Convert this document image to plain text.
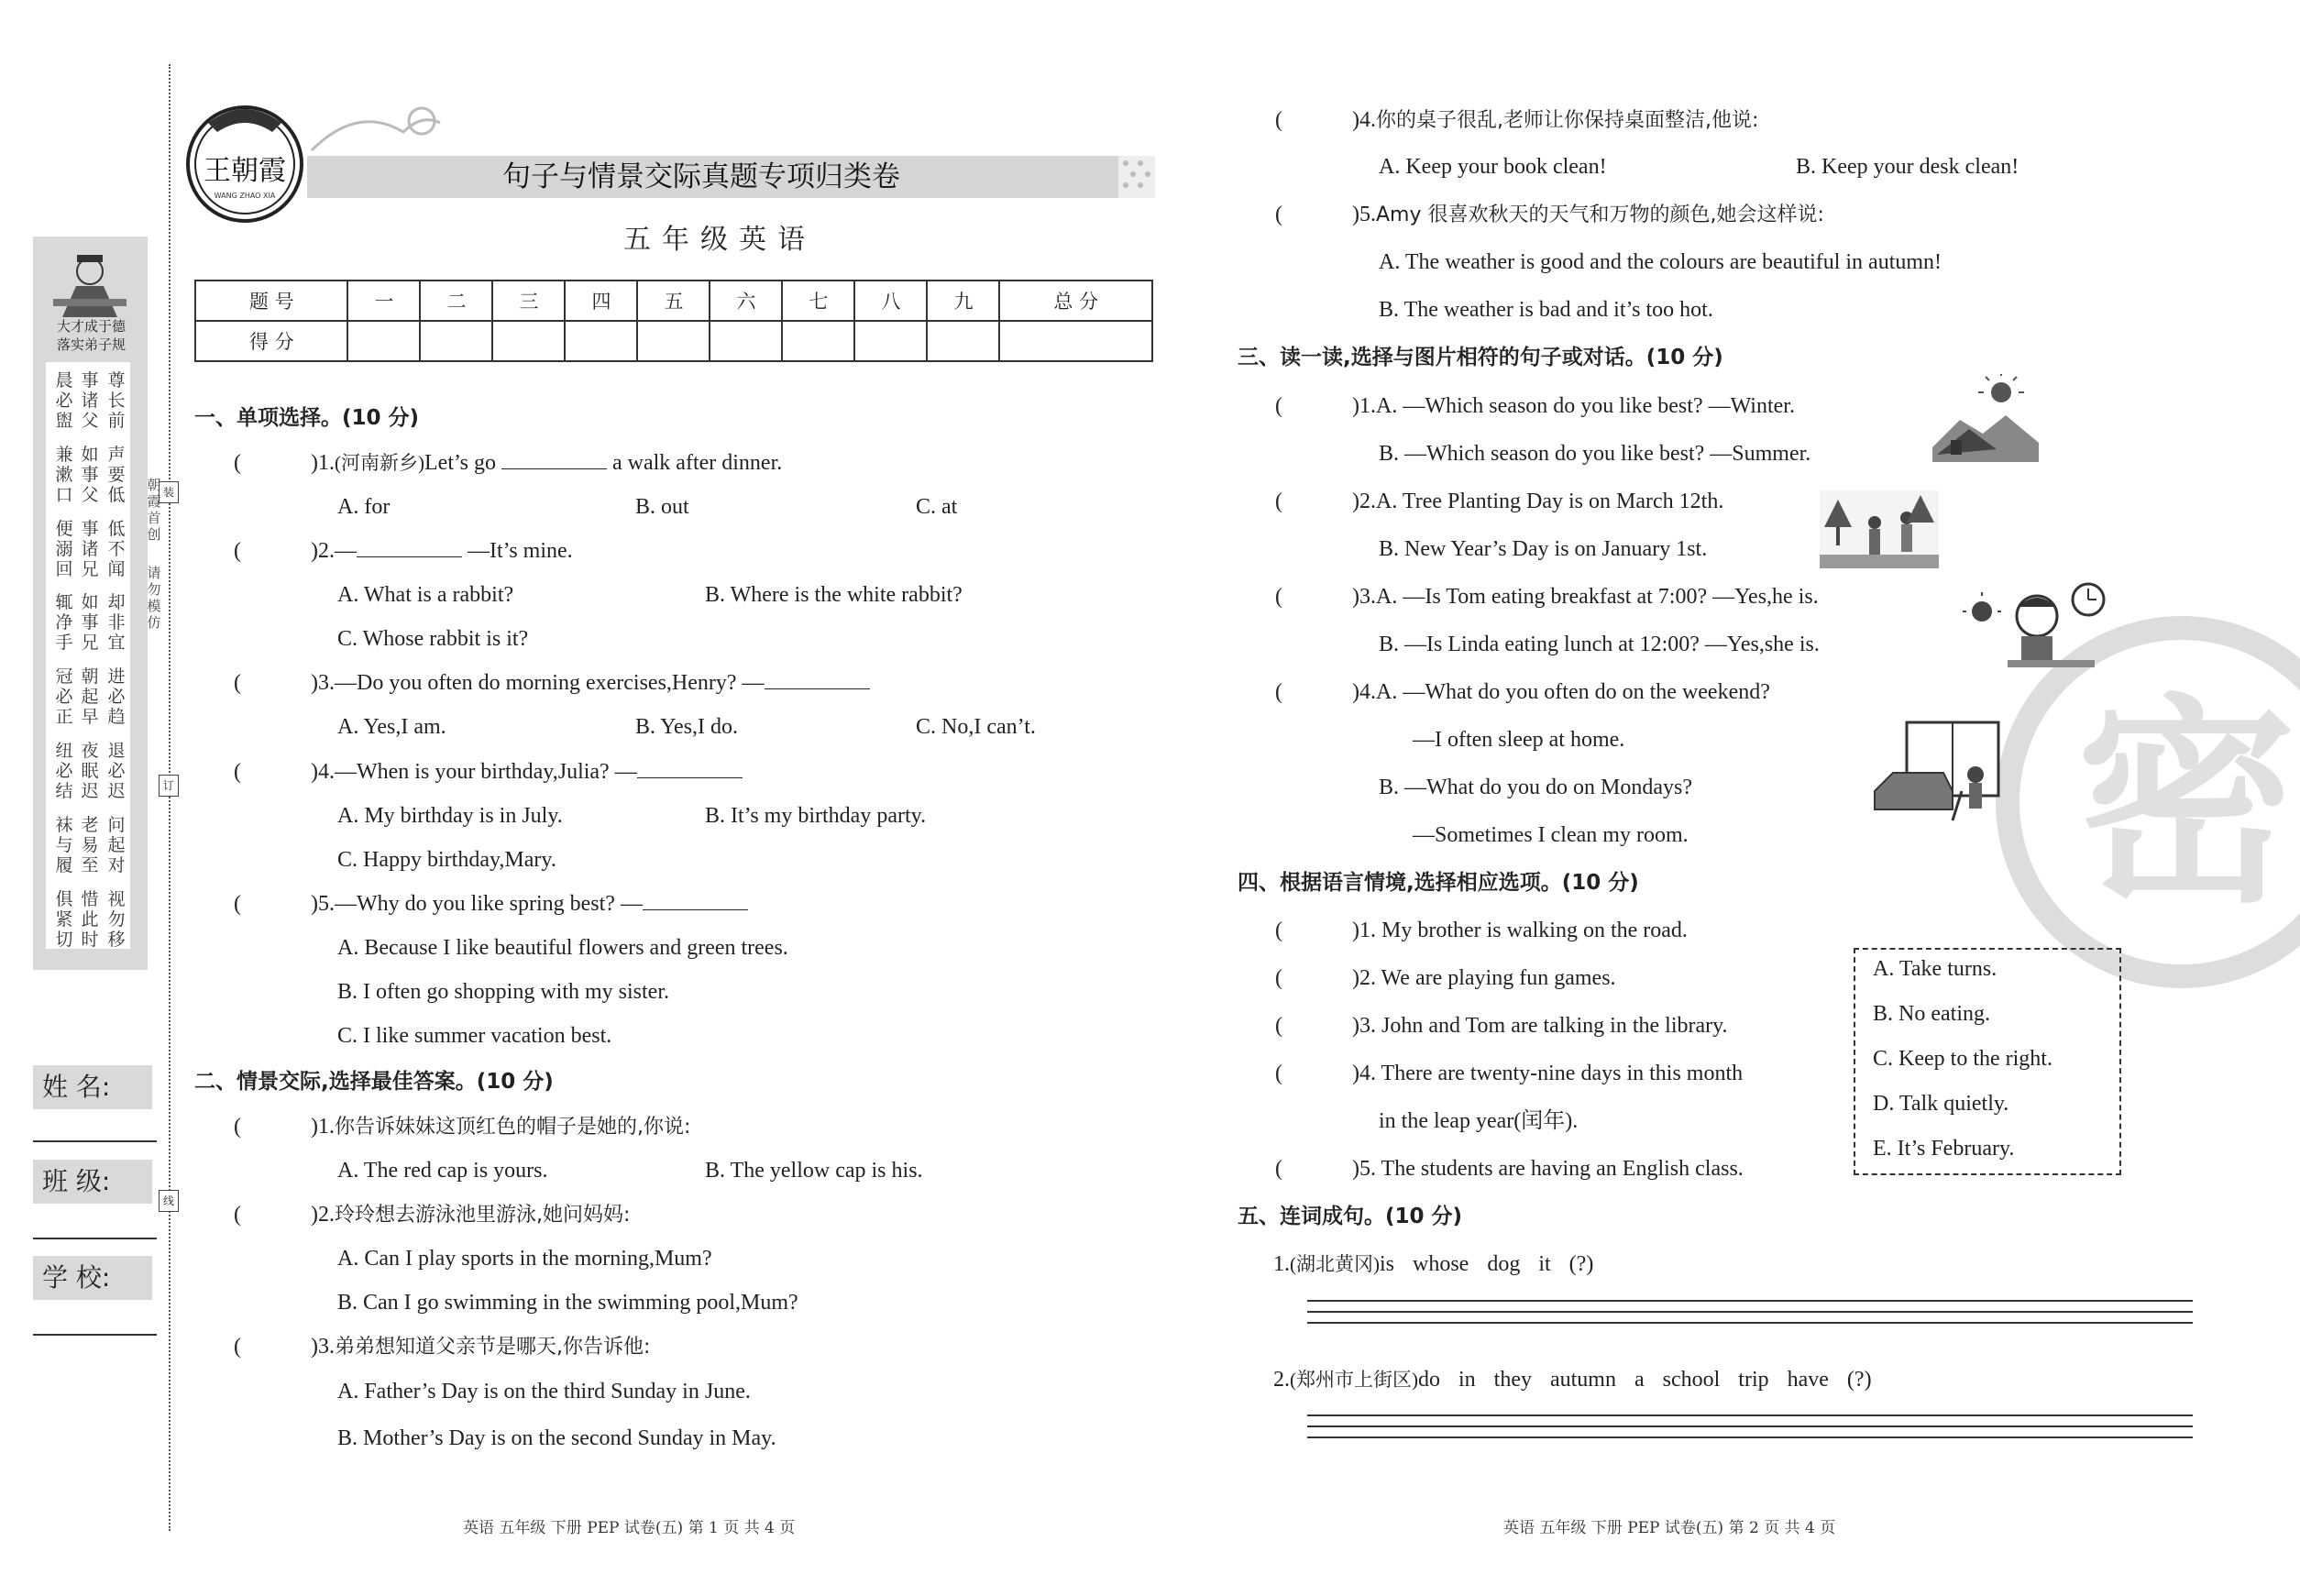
装
订
线
大才成于德
落实弟子规
晨必盥
事诸父
尊长前
兼漱口
如事父
声要低
便溺回
事诸兄
低不闻
辄净手
如事兄
却非宜
冠必正
朝起早
进必趋
纽必结
夜眠迟
退必迟
袜与履
老易至
问起对
俱紧切
惜此时
视勿移
朝霞首创
请勿模仿
姓 名:
班 级:
学 校:
王朝霞
WANG ZHAO XIA
句子与情景交际真题专项归类卷
五年级英语
题 号	一	二	三	四	五	六	七	八	九	总 分
得 分										
一、单项选择。(10 分)
(	)1.(河南新乡)Let’s go	a walk after dinner.
A. for	B. out	C. at
(	)2.—	—It’s mine.
A. What is a rabbit?	B. Where is the white rabbit?
C. Whose rabbit is it?
(	)3.—Do you often do morning exercises,Henry? —
A. Yes,I am.	B. Yes,I do.	C. No,I can’t.
(	)4.—When is your birthday,Julia? —
A. My birthday is in July.	B. It’s my birthday party.
C. Happy birthday,Mary.
(	)5.—Why do you like spring best? —
A. Because I like beautiful flowers and green trees.
B. I often go shopping with my sister.
C. I like summer vacation best.
二、情景交际,选择最佳答案。(10 分)
(	)1.你告诉妹妹这顶红色的帽子是她的,你说:
A. The red cap is yours.	B. The yellow cap is his.
(	)2.玲玲想去游泳池里游泳,她问妈妈:
A. Can I play sports in the morning,Mum?
B. Can I go swimming in the swimming pool,Mum?
(	)3.弟弟想知道父亲节是哪天,你告诉他:
A. Father’s Day is on the third Sunday in June.
B. Mother’s Day is on the second Sunday in May.
英语 五年级 下册 PEP 试卷(五) 第 1 页 共 4 页
密
(	)4.你的桌子很乱,老师让你保持桌面整洁,他说:
A. Keep your book clean!	B. Keep your desk clean!
(	)5.Amy 很喜欢秋天的天气和万物的颜色,她会这样说:
A. The weather is good and the colours are beautiful in autumn!
B. The weather is bad and it’s too hot.
三、读一读,选择与图片相符的句子或对话。(10 分)
(	)1.A. —Which season do you like best? —Winter.
B. —Which season do you like best? —Summer.
(	)2.A. Tree Planting Day is on March 12th.
B. New Year’s Day is on January 1st.
(	)3.A. —Is Tom eating breakfast at 7:00? —Yes,he is.
B. —Is Linda eating lunch at 12:00? —Yes,she is.
(	)4.A. —What do you often do on the weekend?
—I often sleep at home.
B. —What do you do on Mondays?
—Sometimes I clean my room.
四、根据语言情境,选择相应选项。(10 分)
(	)1. My brother is walking on the road.
(	)2. We are playing fun games.
(	)3. John and Tom are talking in the library.
(	)4. There are twenty-nine days in this month
in the leap year(闰年).
(	)5. The students are having an English class.
A. Take turns.
B. No eating.
C. Keep to the right.
D. Talk quietly.
E. It’s February.
五、连词成句。(10 分)
1.(湖北黄冈)is whose dog it (?)
2.(郑州市上街区)do in they autumn a school trip have (?)
英语 五年级 下册 PEP 试卷(五) 第 2 页 共 4 页
